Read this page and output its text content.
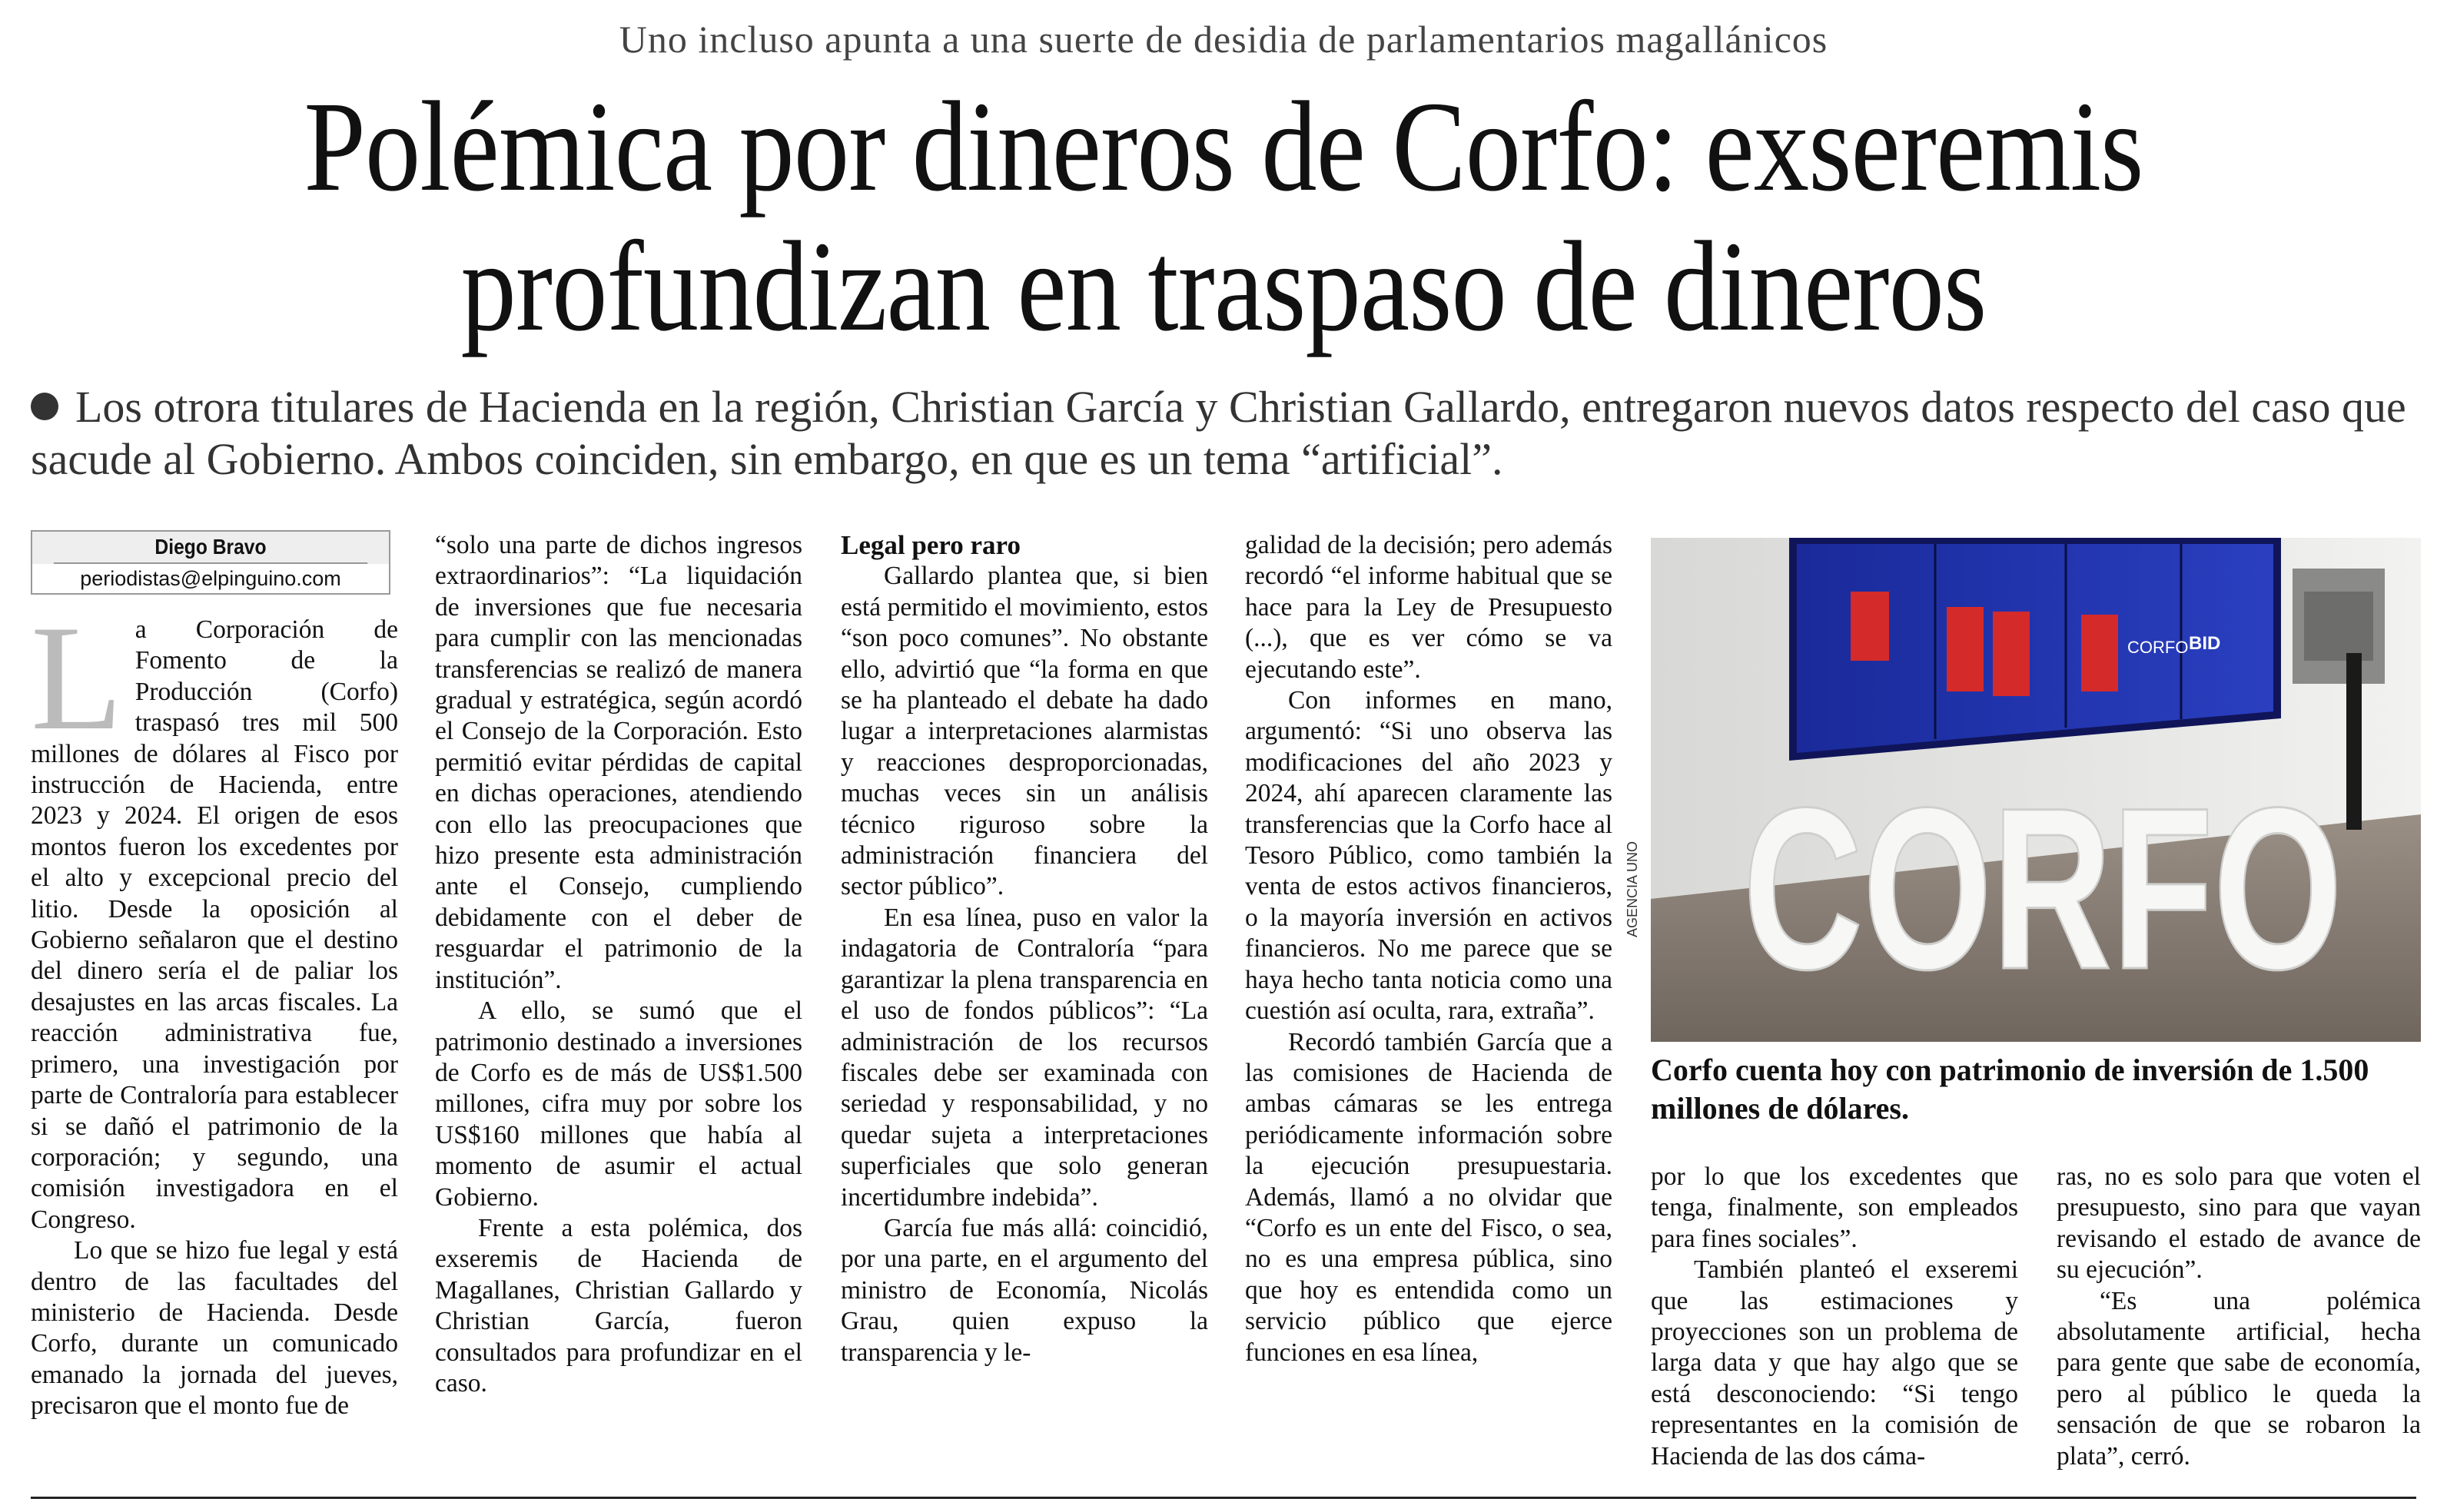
Uno incluso apunta a una suerte de desidia de parlamentarios magallánicos
Polémica por dineros de Corfo: exseremis
profundizan en traspaso de dineros
Los otrora titulares de Hacienda en la región, Christian García y Christian Gallardo, entregaron nuevos datos respecto del caso que sacude al Gobierno. Ambos coinciden, sin embargo, en que es un tema “artificial”.
Diego Bravo
periodistas@elpinguino.com

La Corporación de Fomento de la Producción (Corfo) traspasó tres mil 500 millones de dólares al Fisco por instrucción de Hacienda, entre 2023 y 2024. El origen de esos montos fueron los excedentes por el alto y excepcional precio del litio. Desde la oposición al Gobierno señalaron que el destino del dinero sería el de paliar los desajustes en las arcas fiscales. La reacción administrativa fue, primero, una investigación por parte de Contraloría para establecer si se dañó el patrimonio de la corporación; y segundo, una comisión investigadora en el Congreso.

Lo que se hizo fue legal y está dentro de las facultades del ministerio de Hacienda. Desde Corfo, durante un comunicado emanado la jornada del jueves, precisaron que el monto fue de

“solo una parte de dichos ingresos extraordinarios”: “La liquidación de inversiones que fue necesaria para cumplir con las mencionadas transferencias se realizó de manera gradual y estratégica, según acordó el Consejo de la Corporación. Esto permitió evitar pérdidas de capital en dichas operaciones, atendiendo con ello las preocupaciones que hizo presente esta administración ante el Consejo, cumpliendo debidamente con el deber de resguardar el patrimonio de la institución”.

A ello, se sumó que el patrimonio destinado a inversiones de Corfo es de más de US$1.500 millones, cifra muy por sobre los US$160 millones que había al momento de asumir el actual Gobierno.

Frente a esta polémica, dos exseremis de Hacienda de Magallanes, Christian Gallardo y Christian García, fueron consultados para profundizar en el caso.

Legal pero raro

Gallardo plantea que, si bien está permitido el movimiento, estos “son poco comunes”. No obstante ello, advirtió que “la forma en que se ha planteado el debate ha dado lugar a interpretaciones alarmistas y reacciones desproporcionadas, muchas veces sin un análisis técnico riguroso sobre la administración financiera del sector público”.

En esa línea, puso en valor la indagatoria de Contraloría “para garantizar la plena transparencia en el uso de fondos públicos”: “La administración de los recursos fiscales debe ser examinada con seriedad y responsabilidad, y no quedar sujeta a interpretaciones superficiales que solo generan incertidumbre indebida”.

García fue más allá: coincidió, por una parte, en el argumento del ministro de Economía, Nicolás Grau, quien expuso la transparencia y le-

galidad de la decisión; pero además recordó “el informe habitual que se hace para la Ley de Presupuesto (...), que es ver cómo se va ejecutando este”.

Con informes en mano, argumentó: “Si uno observa las modificaciones del año 2023 y 2024, ahí aparecen claramente las transferencias que la Corfo hace al Tesoro Público, como también la venta de estos activos financieros, o la mayoría inversión en activos financieros. No me parece que se haya hecho tanta noticia como una cuestión así oculta, rara, extraña”.

Recordó también García que a las comisiones de Hacienda de ambas cámaras se les entrega periódicamente información sobre la ejecución presupuestaria. Además, llamó a no olvidar que “Corfo es un ente del Fisco, o sea, no es una empresa pública, sino que hoy es entendida como un servicio público que ejerce funciones en esa línea,

CORFO BID
CORFO
AGENCIA UNO
Corfo cuenta hoy con patrimonio de inversión de 1.500 millones de dólares.

por lo que los excedentes que tenga, finalmente, son empleados para fines sociales”.

También planteó el exseremi que las estimaciones y proyecciones son un problema de larga data y que hay algo que se está desconociendo: “Si tengo representantes en la comisión de Hacienda de las dos cáma-

ras, no es solo para que voten el presupuesto, sino para que vayan revisando el estado de avance de su ejecución”.

“Es una polémica absolutamente artificial, hecha para gente que sabe de economía, pero al público le queda la sensación de que se robaron la plata”, cerró.
